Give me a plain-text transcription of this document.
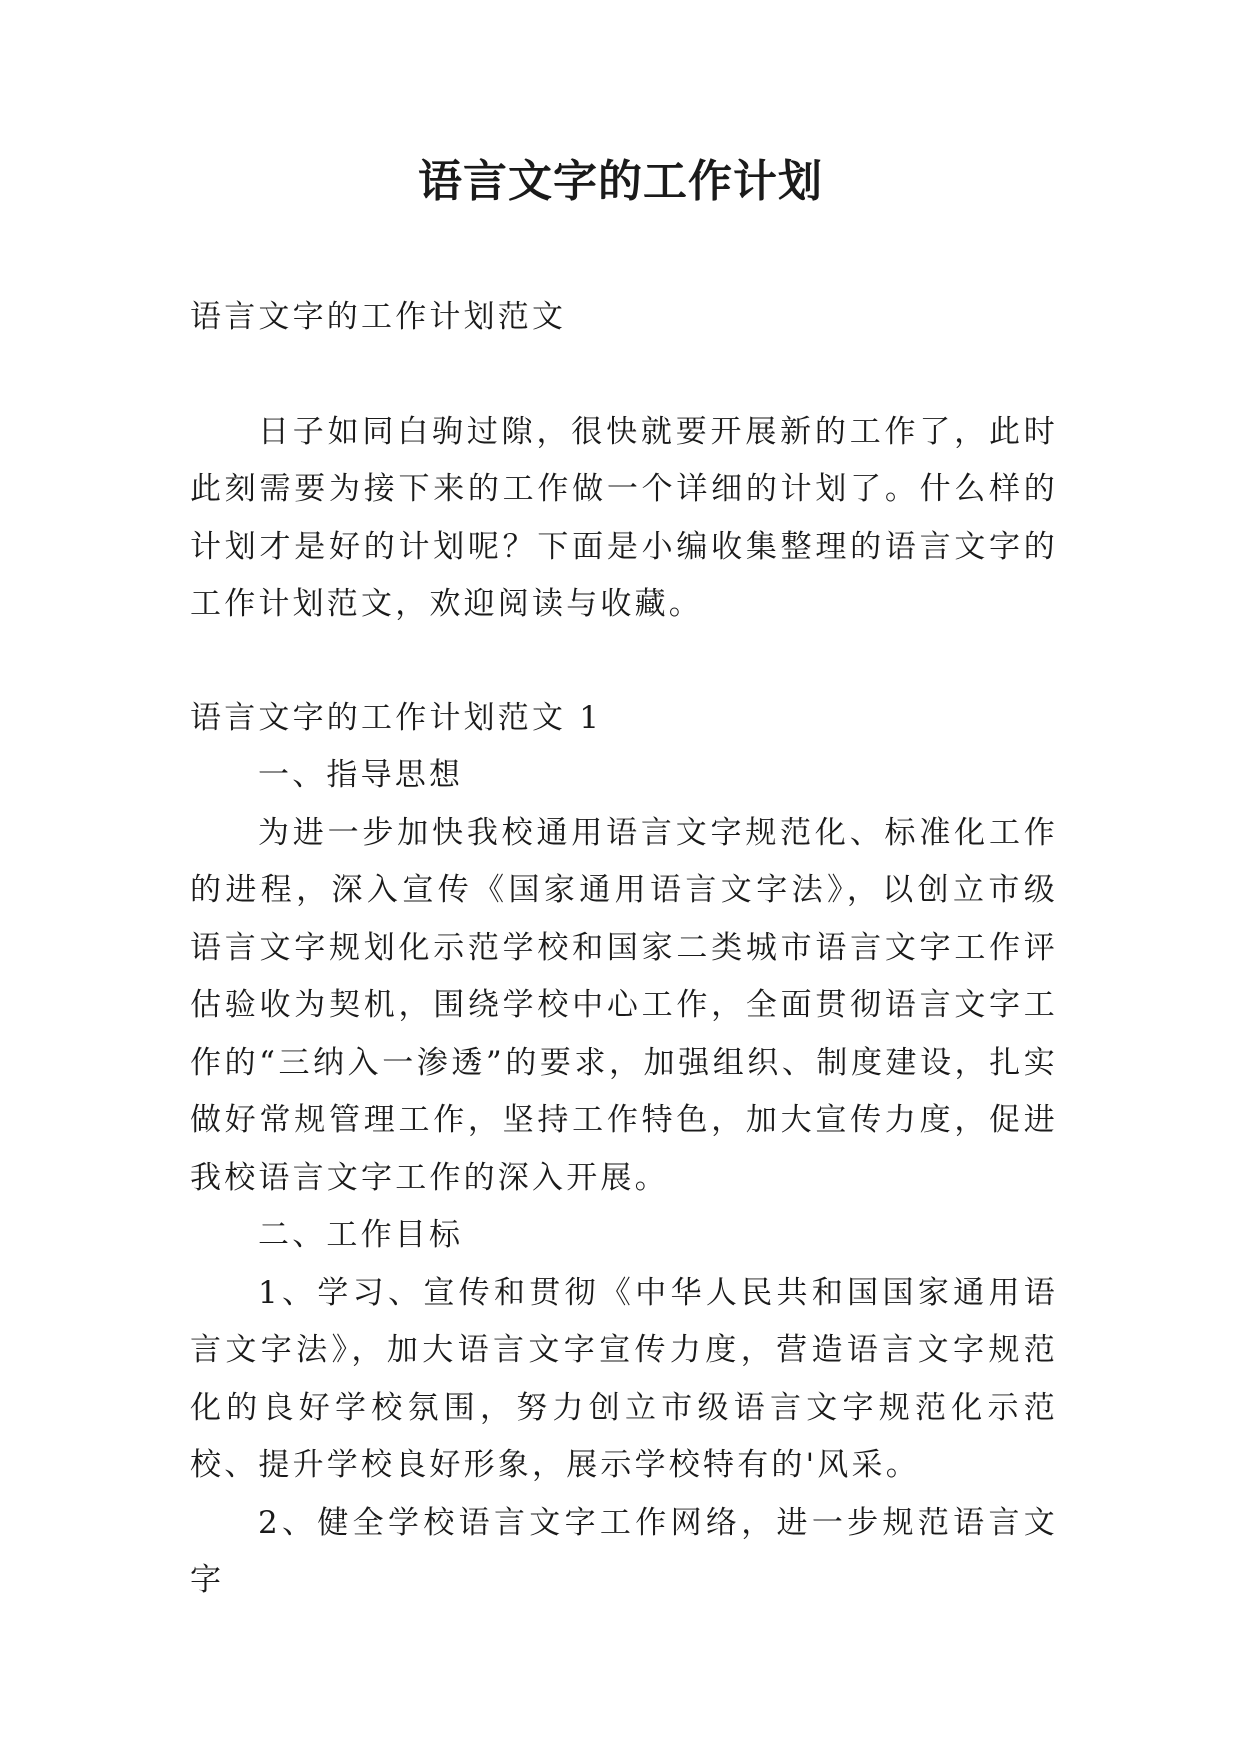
语言文字的工作计划

语言文字的工作计划范文

日子如同白驹过隙，很快就要开展新的工作了，此时此刻需要为接下来的工作做一个详细的计划了。什么样的计划才是好的计划呢？下面是小编收集整理的语言文字的工作计划范文，欢迎阅读与收藏。

语言文字的工作计划范文 1

一、指导思想

为进一步加快我校通用语言文字规范化、标准化工作的进程，深入宣传《国家通用语言文字法》，以创立市级语言文字规划化示范学校和国家二类城市语言文字工作评估验收为契机，围绕学校中心工作，全面贯彻语言文字工作的“三纳入一渗透”的要求，加强组织、制度建设，扎实做好常规管理工作，坚持工作特色，加大宣传力度，促进我校语言文字工作的深入开展。

二、工作目标

1、学习、宣传和贯彻《中华人民共和国国家通用语言文字法》，加大语言文字宣传力度，营造语言文字规范化的良好学校氛围，努力创立市级语言文字规范化示范校、提升学校良好形象，展示学校特有的'风采。

2、健全学校语言文字工作网络，进一步规范语言文字
